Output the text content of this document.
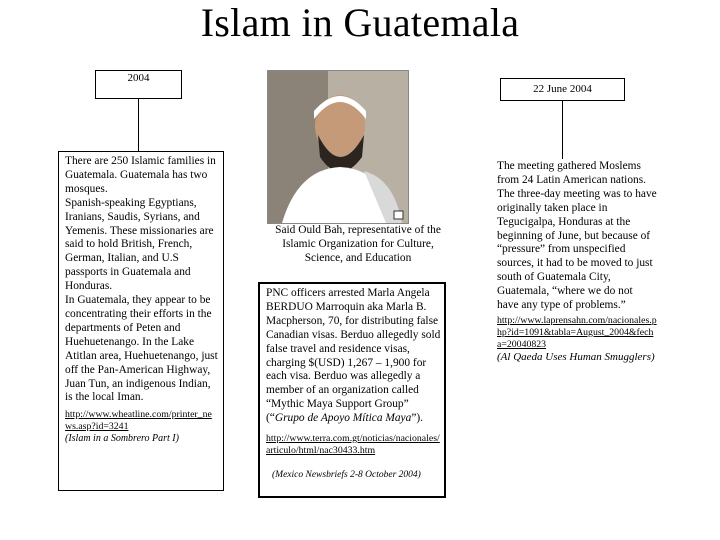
Islam in Guatemala
2004
There are 250 Islamic families in Guatemala. Guatemala has two mosques.
Spanish-speaking Egyptians, Iranians, Saudis, Syrians, and Yemenis. These missionaries are said to hold British, French, German, Italian, and U.S passports in Guatemala and Honduras.
In Guatemala, they appear to be concentrating their efforts in the departments of Peten and Huehuetenango. In the Lake Atitlan area, Huehuetenango, just off the Pan-American Highway, Juan Tun, an indigenous Indian, is the local Iman.
http://www.wheatline.com/printer_news.asp?id=3241
(Islam in a Sombrero Part I)
Said Ould Bah, representative of the Islamic Organization for Culture, Science, and Education
PNC officers arrested Marla Angela BERDUO Marroquin aka Marla B. Macpherson, 70, for distributing false Canadian visas. Berduo allegedly sold false travel and residence visas, charging $(USD) 1,267 – 1,900 for each visa. Berduo was allegedly a member of an organization called “Mythic Maya Support Group” (“Grupo de Apoyo Mítica Maya”).
http://www.terra.com.gt/noticias/nacionales/articulo/html/nac30433.htm
(Mexico Newsbriefs 2-8 October 2004)
22 June 2004
The meeting gathered Moslems from 24 Latin American nations. The three-day meeting was to have originally taken place in Tegucigalpa, Honduras at the beginning of June, but because of “pressure” from unspecified sources, it had to be moved to just south of Guatemala City, Guatemala, “where we do not have any type of problems.”
http://www.laprensahn.com/nacionales.php?id=1091&tabla=August_2004&fecha=20040823
(Al Qaeda Uses Human Smugglers)
